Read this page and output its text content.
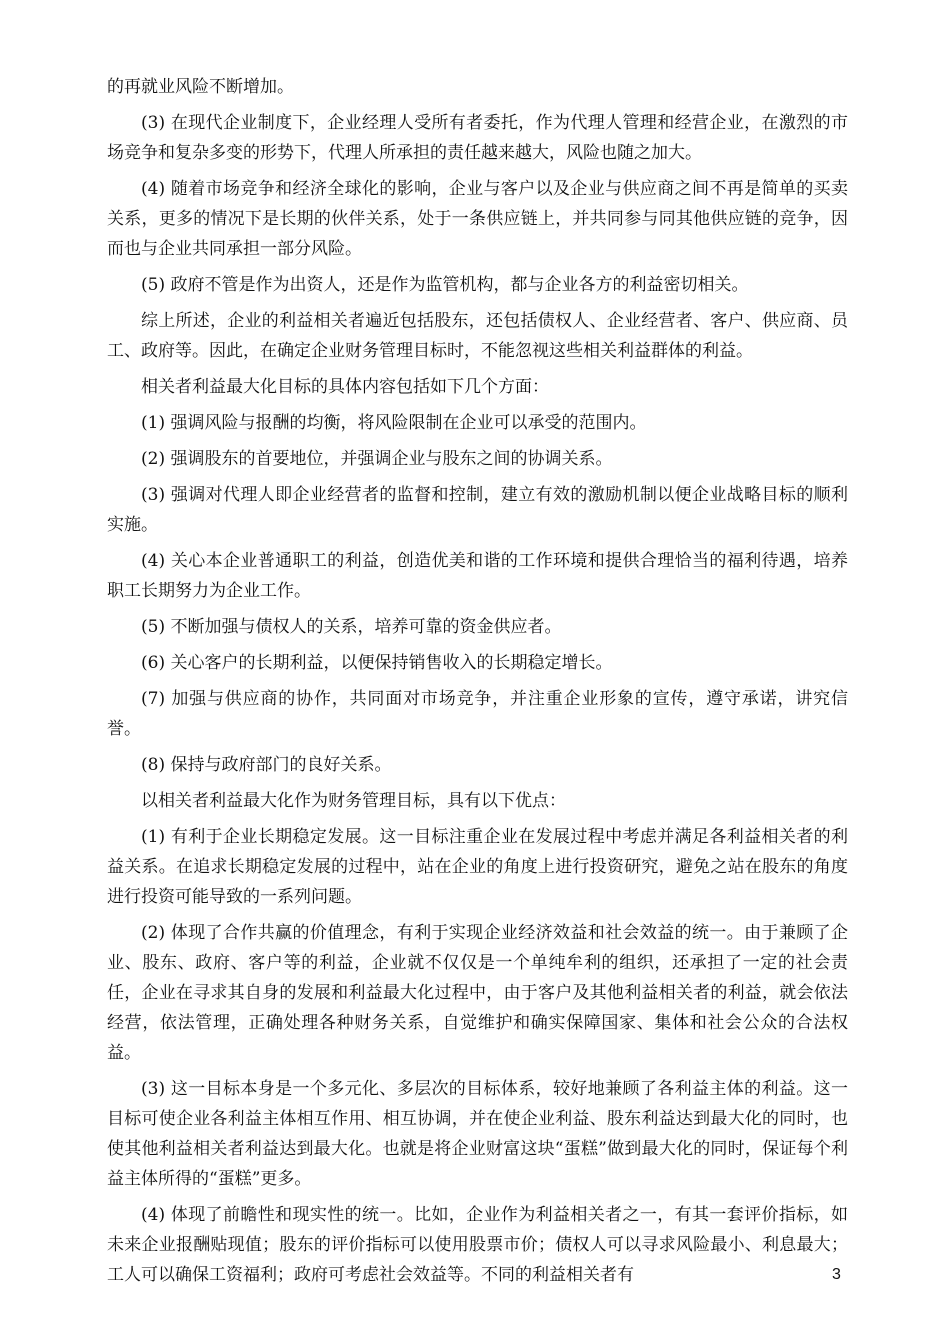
的再就业风险不断增加。

(3) 在现代企业制度下，企业经理人受所有者委托，作为代理人管理和经营企业，在激烈的市场竞争和复杂多变的形势下，代理人所承担的责任越来越大，风险也随之加大。

(4) 随着市场竞争和经济全球化的影响，企业与客户以及企业与供应商之间不再是简单的买卖关系，更多的情况下是长期的伙伴关系，处于一条供应链上，并共同参与同其他供应链的竞争，因而也与企业共同承担一部分风险。

(5) 政府不管是作为出资人，还是作为监管机构，都与企业各方的利益密切相关。

综上所述，企业的利益相关者遍近包括股东，还包括债权人、企业经营者、客户、供应商、员工、政府等。因此，在确定企业财务管理目标时，不能忽视这些相关利益群体的利益。

相关者利益最大化目标的具体内容包括如下几个方面：

(1) 强调风险与报酬的均衡，将风险限制在企业可以承受的范围内。

(2) 强调股东的首要地位，并强调企业与股东之间的协调关系。

(3) 强调对代理人即企业经营者的监督和控制，建立有效的激励机制以便企业战略目标的顺利实施。

(4) 关心本企业普通职工的利益，创造优美和谐的工作环境和提供合理恰当的福利待遇，培养职工长期努力为企业工作。

(5) 不断加强与债权人的关系，培养可靠的资金供应者。

(6) 关心客户的长期利益，以便保持销售收入的长期稳定增长。

(7) 加强与供应商的协作，共同面对市场竞争，并注重企业形象的宣传，遵守承诺，讲究信誉。

(8) 保持与政府部门的良好关系。

以相关者利益最大化作为财务管理目标，具有以下优点：

(1) 有利于企业长期稳定发展。这一目标注重企业在发展过程中考虑并满足各利益相关者的利益关系。在追求长期稳定发展的过程中，站在企业的角度上进行投资研究，避免之站在股东的角度进行投资可能导致的一系列问题。

(2) 体现了合作共赢的价值理念，有利于实现企业经济效益和社会效益的统一。由于兼顾了企业、股东、政府、客户等的利益，企业就不仅仅是一个单纯牟利的组织，还承担了一定的社会责任，企业在寻求其自身的发展和利益最大化过程中，由于客户及其他利益相关者的利益，就会依法经营，依法管理，正确处理各种财务关系，自觉维护和确实保障国家、集体和社会公众的合法权益。

(3) 这一目标本身是一个多元化、多层次的目标体系，较好地兼顾了各利益主体的利益。这一目标可使企业各利益主体相互作用、相互协调，并在使企业利益、股东利益达到最大化的同时，也使其他利益相关者利益达到最大化。也就是将企业财富这块“蛋糕”做到最大化的同时，保证每个利益主体所得的“蛋糕”更多。

(4) 体现了前瞻性和现实性的统一。比如，企业作为利益相关者之一，有其一套评价指标，如未来企业报酬贴现值；股东的评价指标可以使用股票市价；债权人可以寻求风险最小、利息最大；工人可以确保工资福利；政府可考虑社会效益等。不同的利益相关者有	3
